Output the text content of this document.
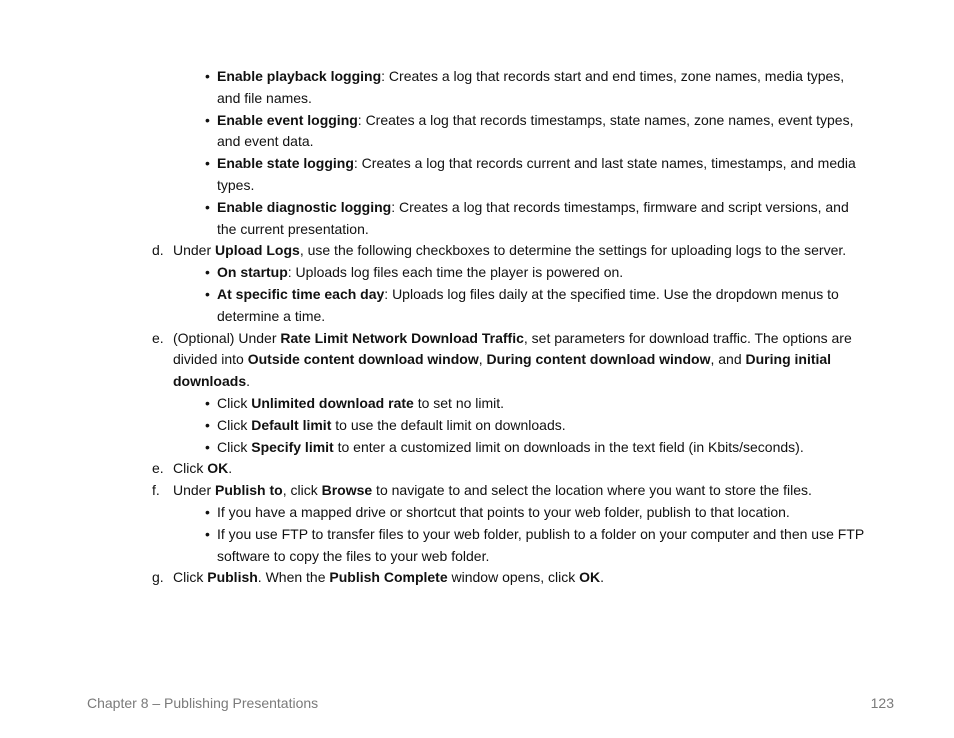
• Enable playback logging: Creates a log that records start and end times, zone names, media types, and file names.

• Enable event logging: Creates a log that records timestamps, state names, zone names, event types, and event data.

• Enable state logging: Creates a log that records current and last state names, timestamps, and media types.

• Enable diagnostic logging: Creates a log that records timestamps, firmware and script versions, and the current presentation.

d. Under Upload Logs, use the following checkboxes to determine the settings for uploading logs to the server.

• On startup: Uploads log files each time the player is powered on.

• At specific time each day: Uploads log files daily at the specified time. Use the dropdown menus to determine a time.

e. (Optional) Under Rate Limit Network Download Traffic, set parameters for download traffic. The options are divided into Outside content download window, During content download window, and During initial downloads.

• Click Unlimited download rate to set no limit.

• Click Default limit to use the default limit on downloads.

• Click Specify limit to enter a customized limit on downloads in the text field (in Kbits/seconds).

e. Click OK.

f. Under Publish to, click Browse to navigate to and select the location where you want to store the files.

• If you have a mapped drive or shortcut that points to your web folder, publish to that location.

• If you use FTP to transfer files to your web folder, publish to a folder on your computer and then use FTP software to copy the files to your web folder.

g. Click Publish. When the Publish Complete window opens, click OK.

Chapter 8 – Publishing Presentations	123
